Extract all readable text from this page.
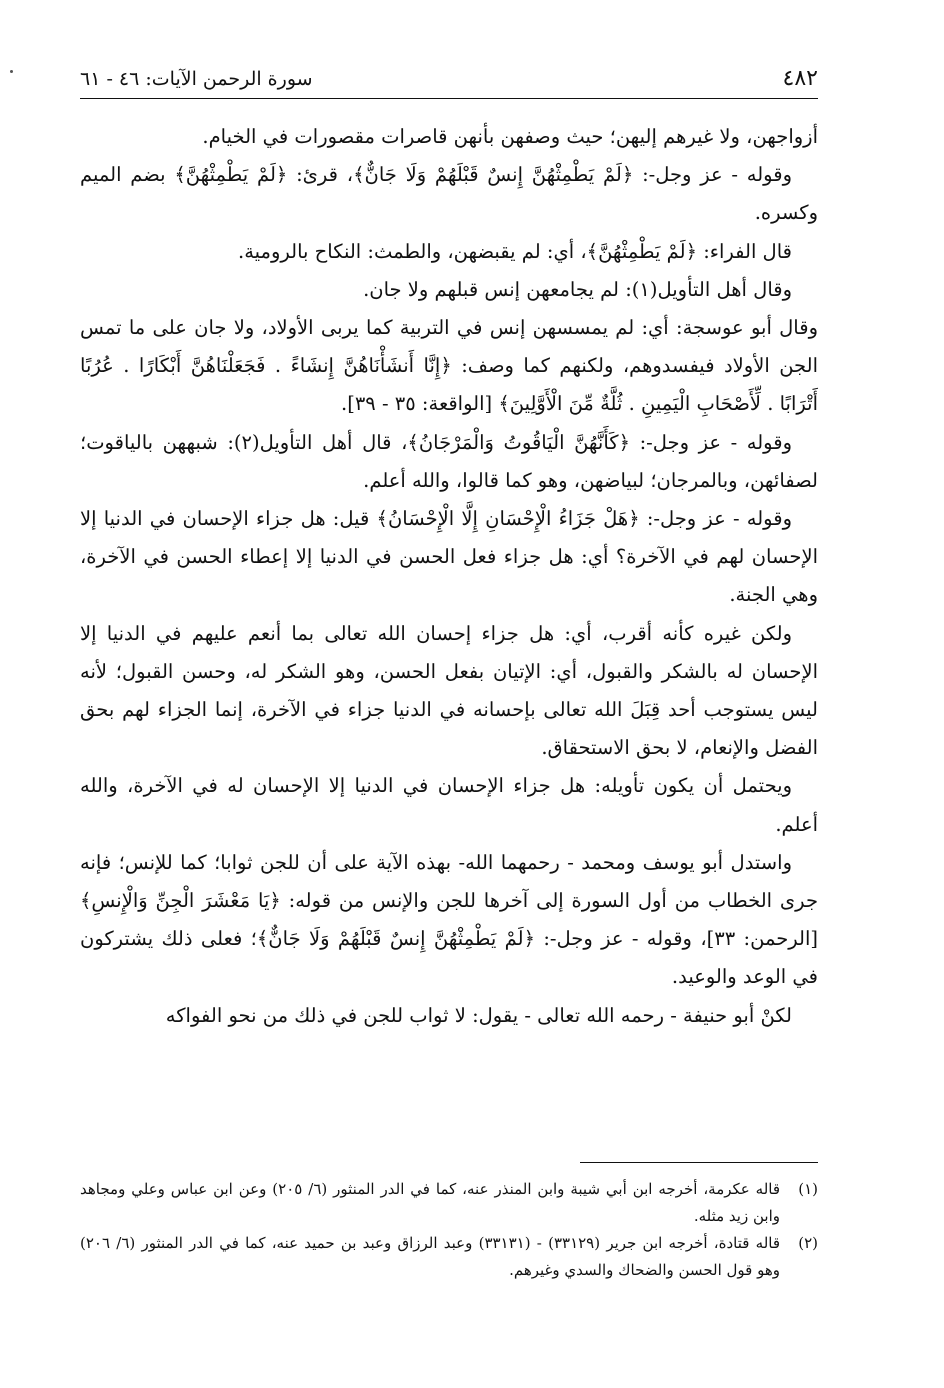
٤٨٢
سورة الرحمن الآيات: ٤٦ - ٦١

أزواجهن، ولا غيرهم إليهن؛ حيث وصفهن بأنهن قاصرات مقصورات في الخيام.

وقوله - عز وجل-: ﴿لَمْ يَطْمِثْهُنَّ إِنسٌ قَبْلَهُمْ وَلَا جَانٌّ﴾، قرئ: ﴿لَمْ يَطْمِثْهُنَّ﴾ بضم الميم وكسره.

قال الفراء: ﴿لَمْ يَطْمِثْهُنَّ﴾، أي: لم يقبضهن، والطمث: النكاح بالرومية.

وقال أهل التأويل(١): لم يجامعهن إنس قبلهم ولا جان.

وقال أبو عوسجة: أي: لم يمسسهن إنس في التربية كما يربى الأولاد، ولا جان على ما تمس الجن الأولاد فيفسدوهم، ولكنهم كما وصف: ﴿إِنَّا أَنشَأْنَاهُنَّ إِنشَاءً . فَجَعَلْنَاهُنَّ أَبْكَارًا . عُرُبًا أَتْرَابًا . لِّأَصْحَابِ الْيَمِينِ . ثُلَّةٌ مِّنَ الْأَوَّلِينَ﴾ [الواقعة: ٣٥ - ٣٩].

وقوله - عز وجل-: ﴿كَأَنَّهُنَّ الْيَاقُوتُ وَالْمَرْجَانُ﴾، قال أهل التأويل(٢): شبههن بالياقوت؛ لصفائهن، وبالمرجان؛ لبياضهن، وهو كما قالوا، والله أعلم.

وقوله - عز وجل-: ﴿هَلْ جَزَاءُ الْإِحْسَانِ إِلَّا الْإِحْسَانُ﴾ قيل: هل جزاء الإحسان في الدنيا إلا الإحسان لهم في الآخرة؟ أي: هل جزاء فعل الحسن في الدنيا إلا إعطاء الحسن في الآخرة، وهي الجنة.

ولكن غيره كأنه أقرب، أي: هل جزاء إحسان الله تعالى بما أنعم عليهم في الدنيا إلا الإحسان له بالشكر والقبول، أي: الإتيان بفعل الحسن، وهو الشكر له، وحسن القبول؛ لأنه ليس يستوجب أحد قِبَلَ الله تعالى بإحسانه في الدنيا جزاء في الآخرة، إنما الجزاء لهم بحق الفضل والإنعام، لا بحق الاستحقاق.

ويحتمل أن يكون تأويله: هل جزاء الإحسان في الدنيا إلا الإحسان له في الآخرة، والله أعلم.

واستدل أبو يوسف ومحمد - رحمهما الله- بهذه الآية على أن للجن ثوابا؛ كما للإنس؛ فإنه جرى الخطاب من أول السورة إلى آخرها للجن والإنس من قوله: ﴿يَا مَعْشَرَ الْجِنِّ وَالْإِنسِ﴾ [الرحمن: ٣٣]، وقوله - عز وجل-: ﴿لَمْ يَطْمِثْهُنَّ إِنسٌ قَبْلَهُمْ وَلَا جَانٌّ﴾؛ فعلى ذلك يشتركون في الوعد والوعيد.

لكنْ أبو حنيفة - رحمه الله تعالى - يقول: لا ثواب للجن في ذلك من نحو الفواكه

(١)
قاله عكرمة، أخرجه ابن أبي شيبة وابن المنذر عنه، كما في الدر المنثور (٦/ ٢٠٥) وعن ابن عباس وعلي ومجاهد وابن زيد مثله.
(٢)
قاله قتادة، أخرجه ابن جرير (٣٣١٢٩) - (٣٣١٣١) وعبد الرزاق وعبد بن حميد عنه، كما في الدر المنثور (٦/ ٢٠٦) وهو قول الحسن والضحاك والسدي وغيرهم.
